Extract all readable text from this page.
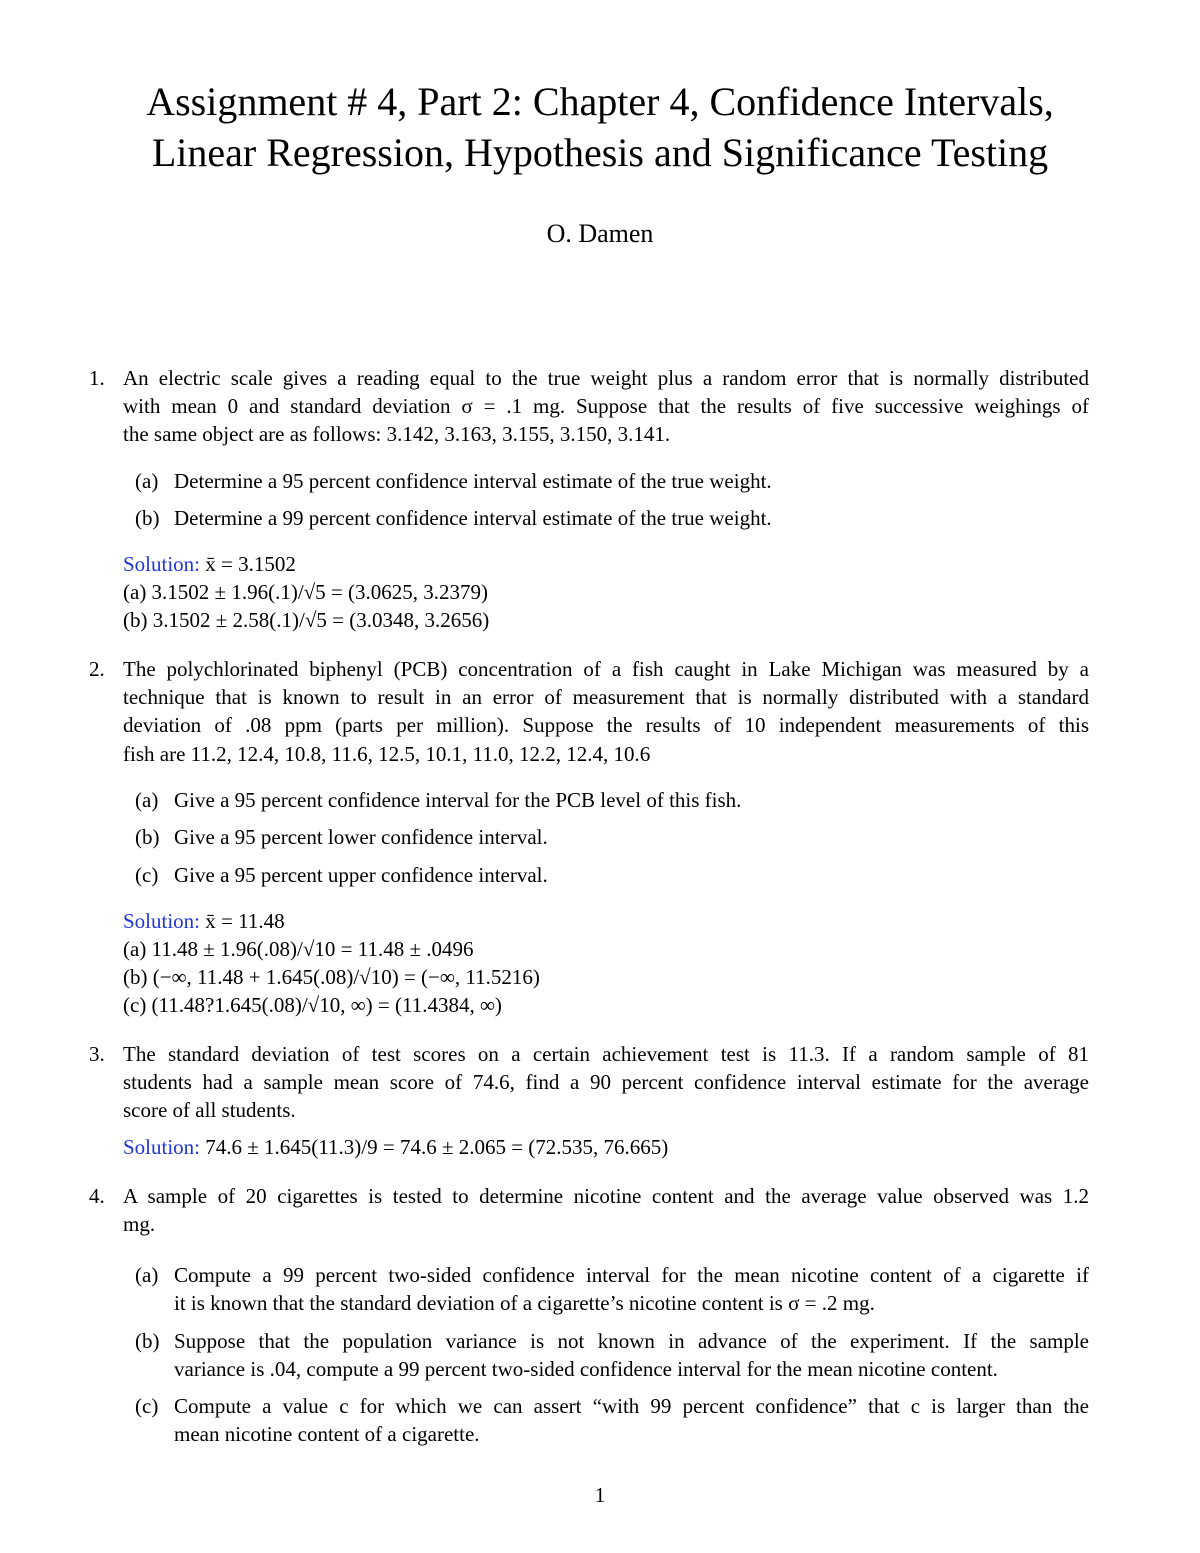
Assignment # 4, Part 2: Chapter 4, Confidence Intervals,
Linear Regression, Hypothesis and Significance Testing
O. Damen
1. An electric scale gives a reading equal to the true weight plus a random error that is normally distributed
with mean 0 and standard deviation σ = .1 mg. Suppose that the results of five successive weighings of
the same object are as follows: 3.142, 3.163, 3.155, 3.150, 3.141.
(a) Determine a 95 percent confidence interval estimate of the true weight.
(b) Determine a 99 percent confidence interval estimate of the true weight.
Solution: x̄ = 3.1502
(a) 3.1502 ± 1.96(.1)/√5 = (3.0625, 3.2379)
(b) 3.1502 ± 2.58(.1)/√5 = (3.0348, 3.2656)
2. The polychlorinated biphenyl (PCB) concentration of a fish caught in Lake Michigan was measured by a
technique that is known to result in an error of measurement that is normally distributed with a standard
deviation of .08 ppm (parts per million). Suppose the results of 10 independent measurements of this
fish are 11.2, 12.4, 10.8, 11.6, 12.5, 10.1, 11.0, 12.2, 12.4, 10.6
(a) Give a 95 percent confidence interval for the PCB level of this fish.
(b) Give a 95 percent lower confidence interval.
(c) Give a 95 percent upper confidence interval.
Solution: x̄ = 11.48
(a) 11.48 ± 1.96(.08)/√10 = 11.48 ± .0496
(b) (−∞, 11.48 + 1.645(.08)/√10) = (−∞, 11.5216)
(c) (11.48?1.645(.08)/√10, ∞) = (11.4384, ∞)
3. The standard deviation of test scores on a certain achievement test is 11.3. If a random sample of 81
students had a sample mean score of 74.6, find a 90 percent confidence interval estimate for the average
score of all students.
Solution: 74.6 ± 1.645(11.3)/9 = 74.6 ± 2.065 = (72.535, 76.665)
4. A sample of 20 cigarettes is tested to determine nicotine content and the average value observed was 1.2
mg.
(a) Compute a 99 percent two-sided confidence interval for the mean nicotine content of a cigarette if
it is known that the standard deviation of a cigarette’s nicotine content is σ = .2 mg.
(b) Suppose that the population variance is not known in advance of the experiment. If the sample
variance is .04, compute a 99 percent two-sided confidence interval for the mean nicotine content.
(c) Compute a value c for which we can assert “with 99 percent confidence” that c is larger than the
mean nicotine content of a cigarette.
1
